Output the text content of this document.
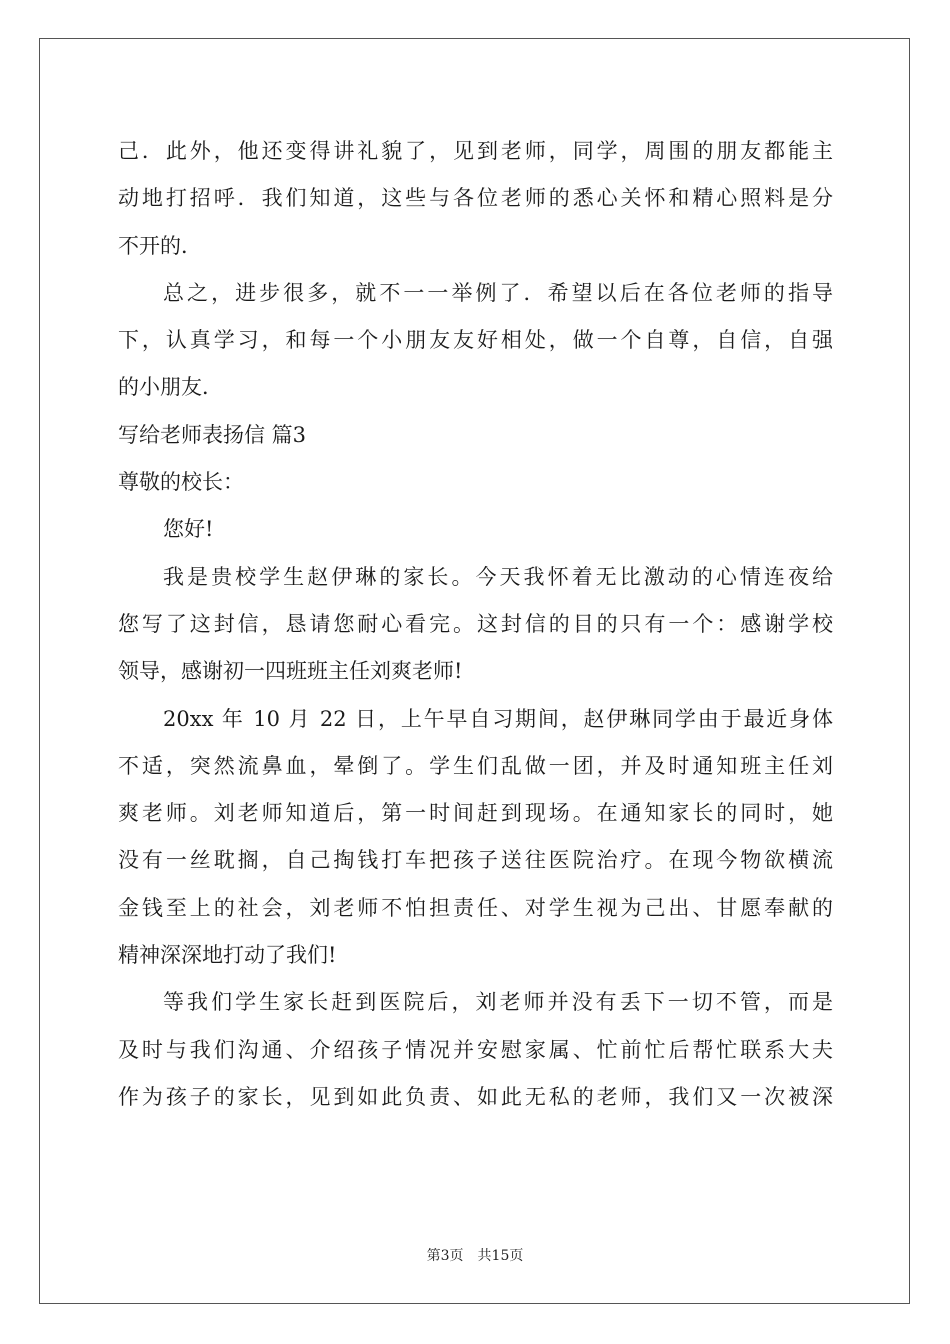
己．此外，他还变得讲礼貌了，见到老师，同学，周围的朋友都能主
动地打招呼．我们知道，这些与各位老师的悉心关怀和精心照料是分
不开的．
总之，进步很多，就不一一举例了．希望以后在各位老师的指导
下，认真学习，和每一个小朋友友好相处，做一个自尊，自信，自强
的小朋友．
写给老师表扬信 篇3
尊敬的校长：
您好!
我是贵校学生赵伊琳的家长。今天我怀着无比激动的心情连夜给
您写了这封信，恳请您耐心看完。这封信的目的只有一个：感谢学校
领导，感谢初一四班班主任刘爽老师!
20xx 年 10 月 22 日，上午早自习期间，赵伊琳同学由于最近身体
不适，突然流鼻血，晕倒了。学生们乱做一团，并及时通知班主任刘
爽老师。刘老师知道后，第一时间赶到现场。在通知家长的同时，她
没有一丝耽搁，自己掏钱打车把孩子送往医院治疗。在现今物欲横流
金钱至上的社会，刘老师不怕担责任、对学生视为己出、甘愿奉献的
精神深深地打动了我们!
等我们学生家长赶到医院后，刘老师并没有丢下一切不管，而是
及时与我们沟通、介绍孩子情况并安慰家属、忙前忙后帮忙联系大夫
作为孩子的家长，见到如此负责、如此无私的老师，我们又一次被深
第3页　共15页
